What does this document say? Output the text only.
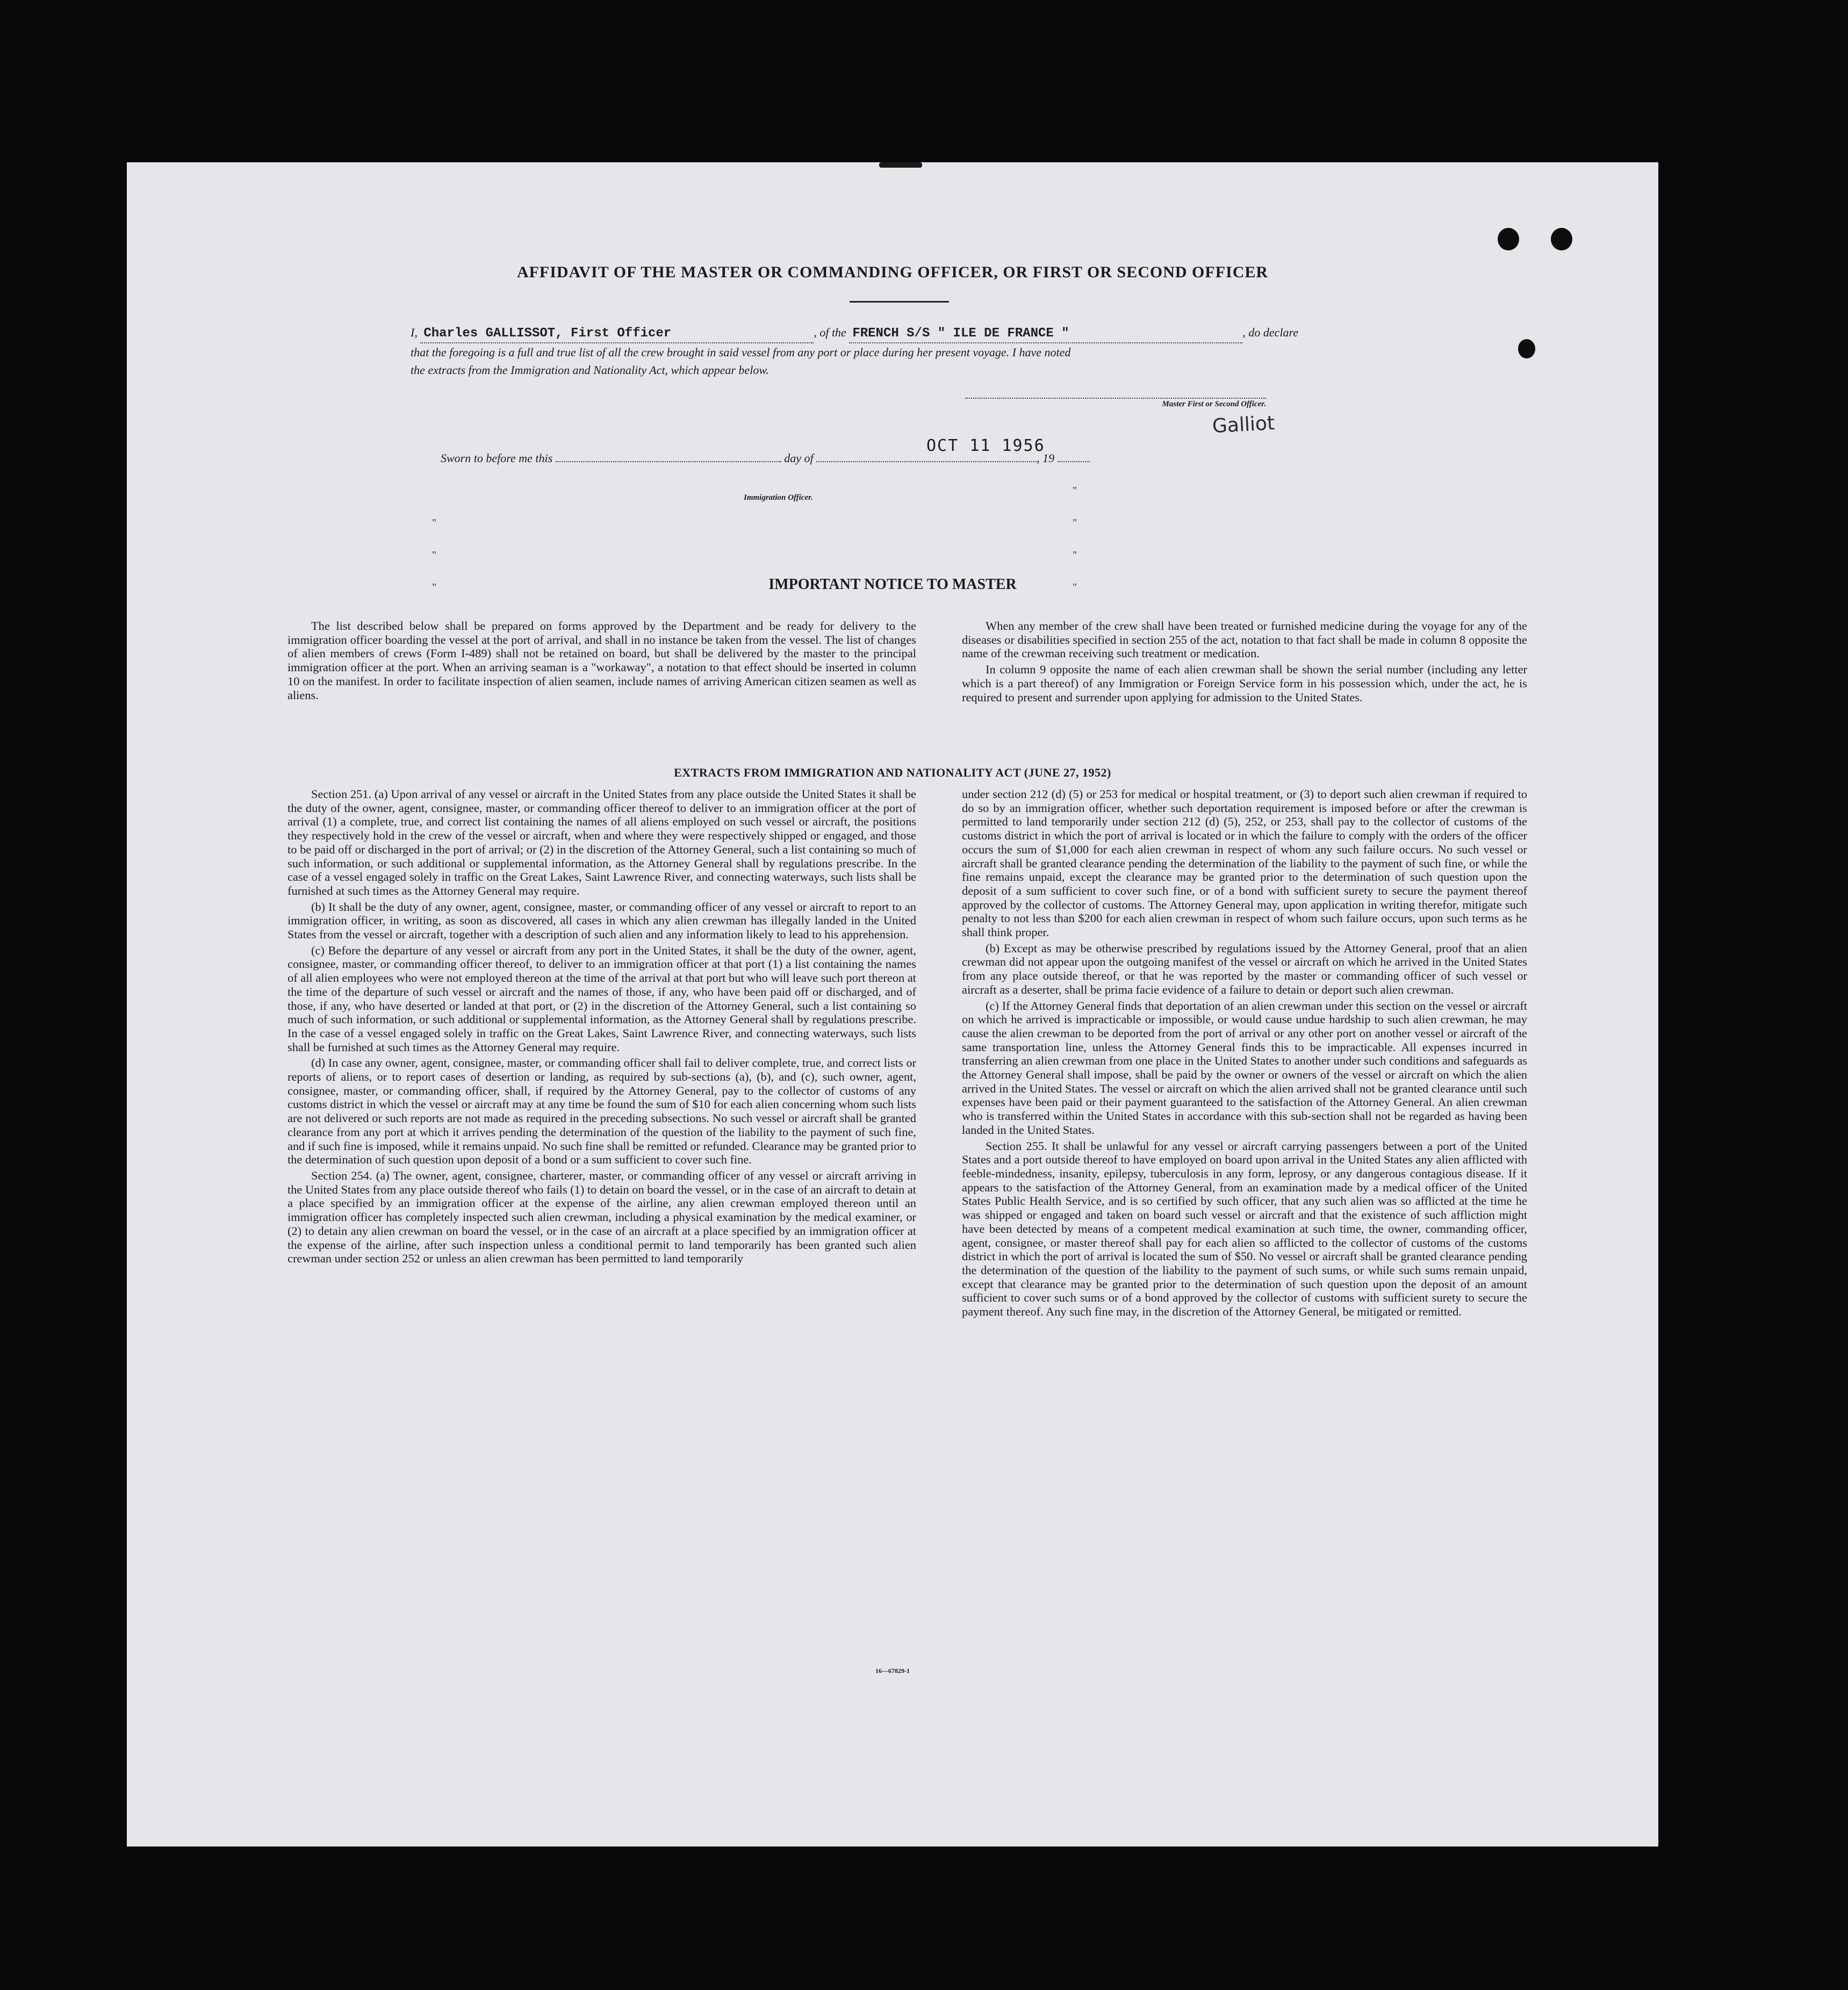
AFFIDAVIT OF THE MASTER OR COMMANDING OFFICER, OR FIRST OR SECOND OFFICER
I, Charles GALLISSOT, First Officer	, of the FRENCH S/S " ILE DE FRANCE "	, do declare
that the foregoing is a full and true list of all the crew brought in said vessel from any port or place during her present voyage. I have noted
the extracts from the Immigration and Nationality Act, which appear below.
Galliot
Master First or Second Officer.
Sworn to before me this	day of	, 19
OCT 11 1956
Immigration Officer.
"
"
"
"
"
"
"
IMPORTANT NOTICE TO MASTER

The list described below shall be prepared on forms approved by the Department and be ready for delivery to the immigration officer boarding the vessel at the port of arrival, and shall in no instance be taken from the vessel. The list of changes of alien members of crews (Form I-489) shall not be retained on board, but shall be delivered by the master to the principal immigration officer at the port. When an arriving seaman is a "workaway", a notation to that effect should be inserted in column 10 on the manifest. In order to facilitate inspection of alien seamen, include names of arriving American citizen seamen as well as aliens.

When any member of the crew shall have been treated or furnished medicine during the voyage for any of the diseases or disabilities specified in section 255 of the act, notation to that fact shall be made in column 8 opposite the name of the crewman receiving such treatment or medication.

In column 9 opposite the name of each alien crewman shall be shown the serial number (including any letter which is a part thereof) of any Immigration or Foreign Service form in his possession which, under the act, he is required to present and surrender upon applying for admission to the United States.

EXTRACTS FROM IMMIGRATION AND NATIONALITY ACT (JUNE 27, 1952)

Section 251. (a) Upon arrival of any vessel or aircraft in the United States from any place outside the United States it shall be the duty of the owner, agent, consignee, master, or commanding officer thereof to deliver to an immigration officer at the port of arrival (1) a complete, true, and correct list containing the names of all aliens employed on such vessel or aircraft, the positions they respectively hold in the crew of the vessel or aircraft, when and where they were respectively shipped or engaged, and those to be paid off or discharged in the port of arrival; or (2) in the discretion of the Attorney General, such a list containing so much of such information, or such additional or supplemental information, as the Attorney General shall by regulations prescribe. In the case of a vessel engaged solely in traffic on the Great Lakes, Saint Lawrence River, and connecting waterways, such lists shall be furnished at such times as the Attorney General may require.

(b) It shall be the duty of any owner, agent, consignee, master, or commanding officer of any vessel or aircraft to report to an immigration officer, in writing, as soon as discovered, all cases in which any alien crewman has illegally landed in the United States from the vessel or aircraft, together with a description of such alien and any information likely to lead to his apprehension.

(c) Before the departure of any vessel or aircraft from any port in the United States, it shall be the duty of the owner, agent, consignee, master, or commanding officer thereof, to deliver to an immigration officer at that port (1) a list containing the names of all alien employees who were not employed thereon at the time of the arrival at that port but who will leave such port thereon at the time of the departure of such vessel or aircraft and the names of those, if any, who have been paid off or discharged, and of those, if any, who have deserted or landed at that port, or (2) in the discretion of the Attorney General, such a list containing so much of such information, or such additional or supplemental information, as the Attorney General shall by regulations prescribe. In the case of a vessel engaged solely in traffic on the Great Lakes, Saint Lawrence River, and connecting waterways, such lists shall be furnished at such times as the Attorney General may require.

(d) In case any owner, agent, consignee, master, or commanding officer shall fail to deliver complete, true, and correct lists or reports of aliens, or to report cases of desertion or landing, as required by sub-sections (a), (b), and (c), such owner, agent, consignee, master, or commanding officer, shall, if required by the Attorney General, pay to the collector of customs of any customs district in which the vessel or aircraft may at any time be found the sum of $10 for each alien concerning whom such lists are not delivered or such reports are not made as required in the preceding subsections. No such vessel or aircraft shall be granted clearance from any port at which it arrives pending the determination of the question of the liability to the payment of such fine, and if such fine is imposed, while it remains unpaid. No such fine shall be remitted or refunded. Clearance may be granted prior to the determination of such question upon deposit of a bond or a sum sufficient to cover such fine.

Section 254. (a) The owner, agent, consignee, charterer, master, or commanding officer of any vessel or aircraft arriving in the United States from any place outside thereof who fails (1) to detain on board the vessel, or in the case of an aircraft to detain at a place specified by an immigration officer at the expense of the airline, any alien crewman employed thereon until an immigration officer has completely inspected such alien crewman, including a physical examination by the medical examiner, or (2) to detain any alien crewman on board the vessel, or in the case of an aircraft at a place specified by an immigration officer at the expense of the airline, after such inspection unless a conditional permit to land temporarily has been granted such alien crewman under section 252 or unless an alien crewman has been permitted to land temporarily

under section 212 (d) (5) or 253 for medical or hospital treatment, or (3) to deport such alien crewman if required to do so by an immigration officer, whether such deportation requirement is imposed before or after the crewman is permitted to land temporarily under section 212 (d) (5), 252, or 253, shall pay to the collector of customs of the customs district in which the port of arrival is located or in which the failure to comply with the orders of the officer occurs the sum of $1,000 for each alien crewman in respect of whom any such failure occurs. No such vessel or aircraft shall be granted clearance pending the determination of the liability to the payment of such fine, or while the fine remains unpaid, except the clearance may be granted prior to the determination of such question upon the deposit of a sum sufficient to cover such fine, or of a bond with sufficient surety to secure the payment thereof approved by the collector of customs. The Attorney General may, upon application in writing therefor, mitigate such penalty to not less than $200 for each alien crewman in respect of whom such failure occurs, upon such terms as he shall think proper.

(b) Except as may be otherwise prescribed by regulations issued by the Attorney General, proof that an alien crewman did not appear upon the outgoing manifest of the vessel or aircraft on which he arrived in the United States from any place outside thereof, or that he was reported by the master or commanding officer of such vessel or aircraft as a deserter, shall be prima facie evidence of a failure to detain or deport such alien crewman.

(c) If the Attorney General finds that deportation of an alien crewman under this section on the vessel or aircraft on which he arrived is impracticable or impossible, or would cause undue hardship to such alien crewman, he may cause the alien crewman to be deported from the port of arrival or any other port on another vessel or aircraft of the same transportation line, unless the Attorney General finds this to be impracticable. All expenses incurred in transferring an alien crewman from one place in the United States to another under such conditions and safeguards as the Attorney General shall impose, shall be paid by the owner or owners of the vessel or aircraft on which the alien arrived in the United States. The vessel or aircraft on which the alien arrived shall not be granted clearance until such expenses have been paid or their payment guaranteed to the satisfaction of the Attorney General. An alien crewman who is transferred within the United States in accordance with this sub-section shall not be regarded as having been landed in the United States.

Section 255. It shall be unlawful for any vessel or aircraft carrying passengers between a port of the United States and a port outside thereof to have employed on board upon arrival in the United States any alien afflicted with feeble-mindedness, insanity, epilepsy, tuberculosis in any form, leprosy, or any dangerous contagious disease. If it appears to the satisfaction of the Attorney General, from an examination made by a medical officer of the United States Public Health Service, and is so certified by such officer, that any such alien was so afflicted at the time he was shipped or engaged and taken on board such vessel or aircraft and that the existence of such affliction might have been detected by means of a competent medical examination at such time, the owner, commanding officer, agent, consignee, or master thereof shall pay for each alien so afflicted to the collector of customs of the customs district in which the port of arrival is located the sum of $50. No vessel or aircraft shall be granted clearance pending the determination of the question of the liability to the payment of such sums, or while such sums remain unpaid, except that clearance may be granted prior to the determination of such question upon the deposit of an amount sufficient to cover such sums or of a bond approved by the collector of customs with sufficient surety to secure the payment thereof. Any such fine may, in the discretion of the Attorney General, be mitigated or remitted.

16—67829-1
